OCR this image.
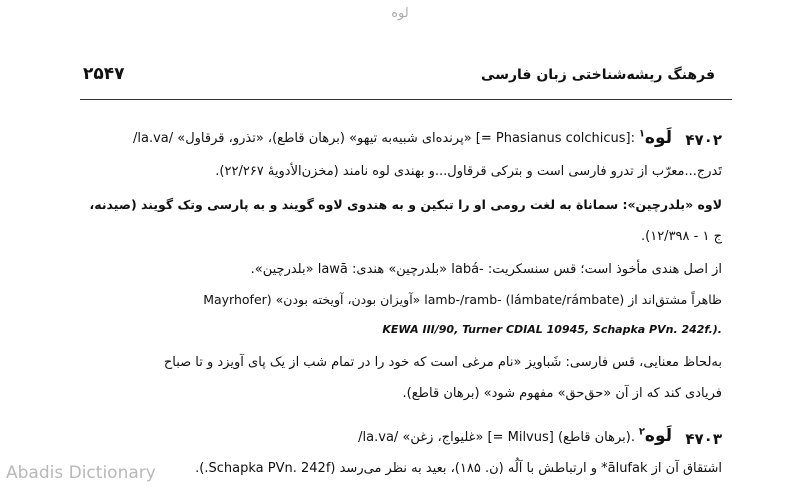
لوه
۲۵۴۷	فرهنگ ریشه‌شناختی زبان فارسی
۴۷۰۲
لَوه$^۱$
/la.va/ «پرنده‌ای شبیه‌به تیهو» (برهان قاطع)، «تذرو، قرقاول» [= Phasianus colchicus]:
تَدرج...معرّب از تدرو فارسی است و بترکی قرقاول...و بهندی لوه نامند (مخزن‌الأدویهٔ ۲۲/۲۶۷).
لاوه «بلدرچین»: سماناة به لغت رومی او را تبکین و به هندوی لاوه گویند و به پارسی وتک گویند (صیدنه،
ج ۱ - ۱۲/۳۹۸).
از اصل هندی مأخوذ است؛ قس سنسکریت: -labá «بلدرچین» هندی: lawā «بلدرچین».
ظاهراً مشتق‌اند از lamb-/ramb- (lámbate/rámbate) «آویزان بودن، آویخته بودن» (Mayrhofer
KEWA III/90, Turner CDIAL 10945, Schapka PVn. 242f.).
به‌لحاظ معنایی، قس فارسی: شَباویز «نام مرغی است که خود را در تمام شب از یک پای آویزد و تا صباح
فریادی کند که از آن «حق‌حق» مفهوم شود» (برهان قاطع).
۴۷۰۳
لَوه$^۲$
/la.va/ «غلیواج، زغن» [= Milvus] (برهان قاطع).
اشتقاق آن از ālufak* و ارتباطش با آلُه (ن. ۱۸۵)، بعید به نظر می‌رسد (Schapka PVn. 242f.).
Abadis Dictionary
